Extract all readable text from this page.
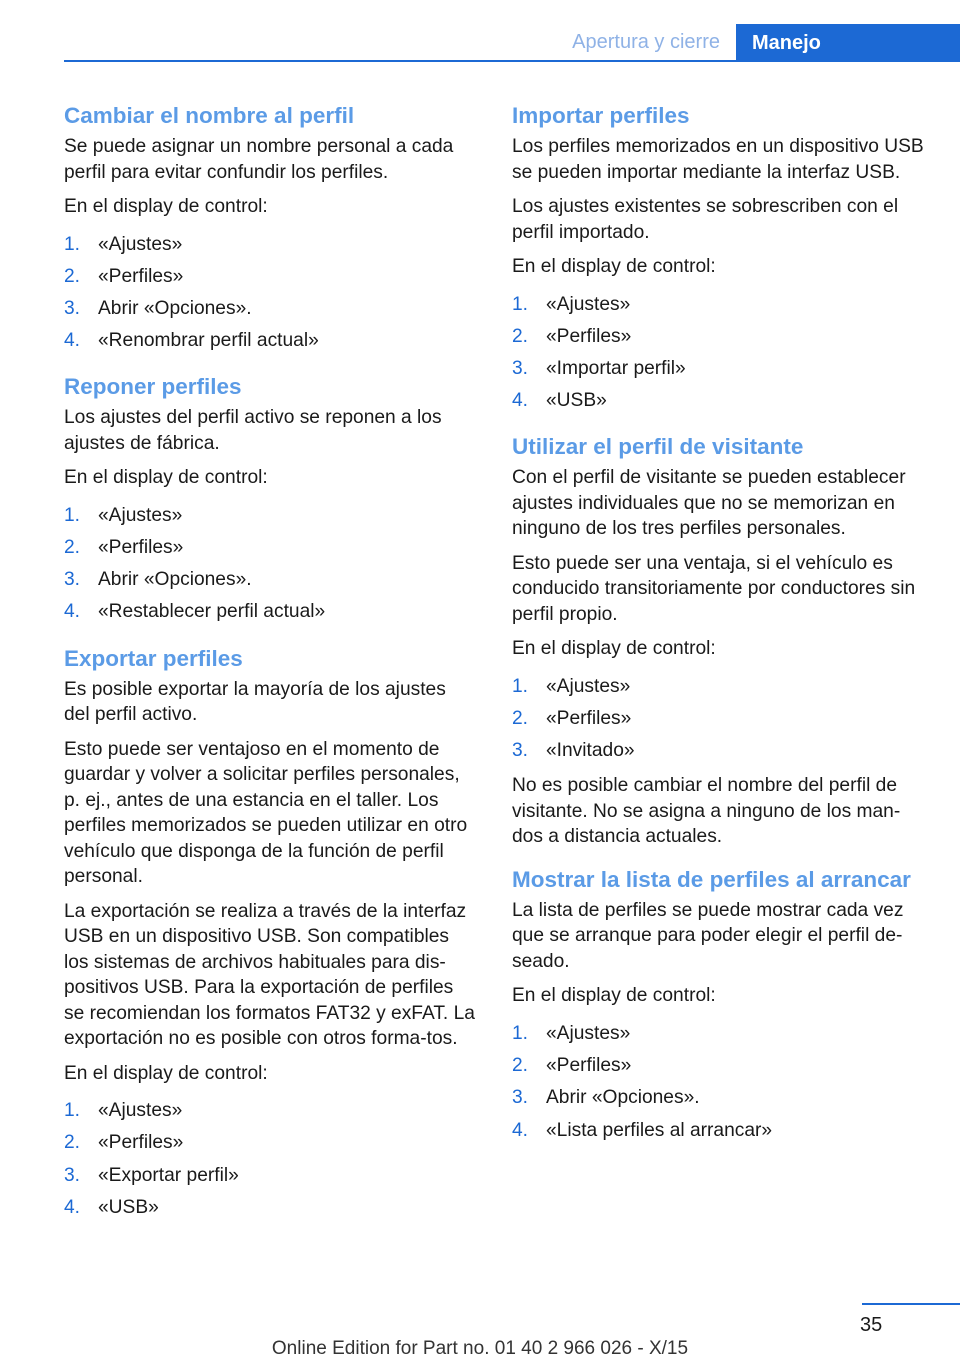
Apertura y cierre	Manejo
Cambiar el nombre al perfil

Se puede asignar un nombre personal a cada perfil para evitar confundir los perfiles.

En el display de control:

1. «Ajustes»
2. «Perfiles»
3. Abrir «Opciones».
4. «Renombrar perfil actual»
Reponer perfiles

Los ajustes del perfil activo se reponen a los ajustes de fábrica.

En el display de control:

1. «Ajustes»
2. «Perfiles»
3. Abrir «Opciones».
4. «Restablecer perfil actual»
Exportar perfiles

Es posible exportar la mayoría de los ajustes del perfil activo.

Esto puede ser ventajoso en el momento de guardar y volver a solicitar perfiles personales, p. ej., antes de una estancia en el taller. Los perfiles memorizados se pueden utilizar en otro vehículo que disponga de la función de perfil personal.

La exportación se realiza a través de la interfaz USB en un dispositivo USB. Son compatibles los sistemas de archivos habituales para dis‐positivos USB. Para la exportación de perfiles se recomiendan los formatos FAT32 y exFAT. La exportación no es posible con otros forma‐tos.

En el display de control:

1. «Ajustes»
2. «Perfiles»
3. «Exportar perfil»
4. «USB»
Importar perfiles

Los perfiles memorizados en un dispositivo USB se pueden importar mediante la interfaz USB.

Los ajustes existentes se sobrescriben con el perfil importado.

En el display de control:

1. «Ajustes»
2. «Perfiles»
3. «Importar perfil»
4. «USB»
Utilizar el perfil de visitante

Con el perfil de visitante se pueden establecer ajustes individuales que no se memorizan en ninguno de los tres perfiles personales.

Esto puede ser una ventaja, si el vehículo es conducido transitoriamente por conductores sin perfil propio.

En el display de control:

1. «Ajustes»
2. «Perfiles»
3. «Invitado»

No es posible cambiar el nombre del perfil de visitante. No se asigna a ninguno de los man‐dos a distancia actuales.

Mostrar la lista de perfiles al arrancar

La lista de perfiles se puede mostrar cada vez que se arranque para poder elegir el perfil de‐seado.

En el display de control:

1. «Ajustes»
2. «Perfiles»
3. Abrir «Opciones».
4. «Lista perfiles al arrancar»
35
Online Edition for Part no. 01 40 2 966 026 - X/15
